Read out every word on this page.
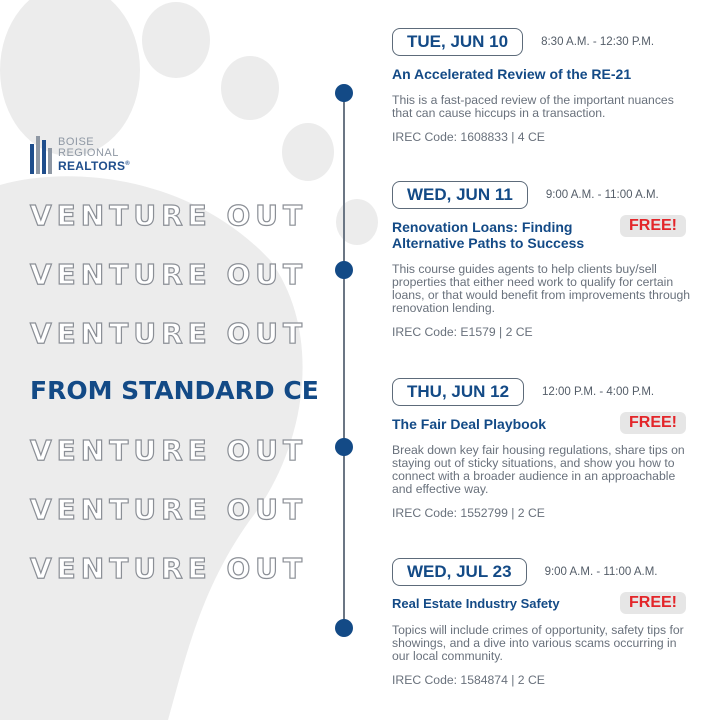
BOISE
REGIONAL
REALTORS®
VENTURE OUT
VENTURE OUT
VENTURE OUT
FROM STANDARD CE
VENTURE OUT
VENTURE OUT
VENTURE OUT
TUE, JUN 10	8:30 A.M. - 12:30 P.M.
An Accelerated Review of the RE-21
This is a fast-paced review of the important nuances that can cause hiccups in a transaction.
IREC Code: 1608833 | 4 CE
WED, JUN 11	9:00 A.M. - 11:00 A.M.
Renovation Loans: Finding Alternative Paths to Success
FREE!
This course guides agents to help clients buy/sell properties that either need work to qualify for certain loans, or that would benefit from improvements through renovation lending.
IREC Code: E1579 | 2 CE
THU, JUN 12	12:00 P.M. - 4:00 P.M.
The Fair Deal Playbook	FREE!
Break down key fair housing regulations, share tips on staying out of sticky situations, and show you how to connect with a broader audience in an approachable and effective way.
IREC Code: 1552799 | 2 CE
WED, JUL 23	9:00 A.M. - 11:00 A.M.
Real Estate Industry Safety	FREE!
Topics will include crimes of opportunity, safety tips for showings, and a dive into various scams occurring in our local community.
IREC Code: 1584874 | 2 CE
